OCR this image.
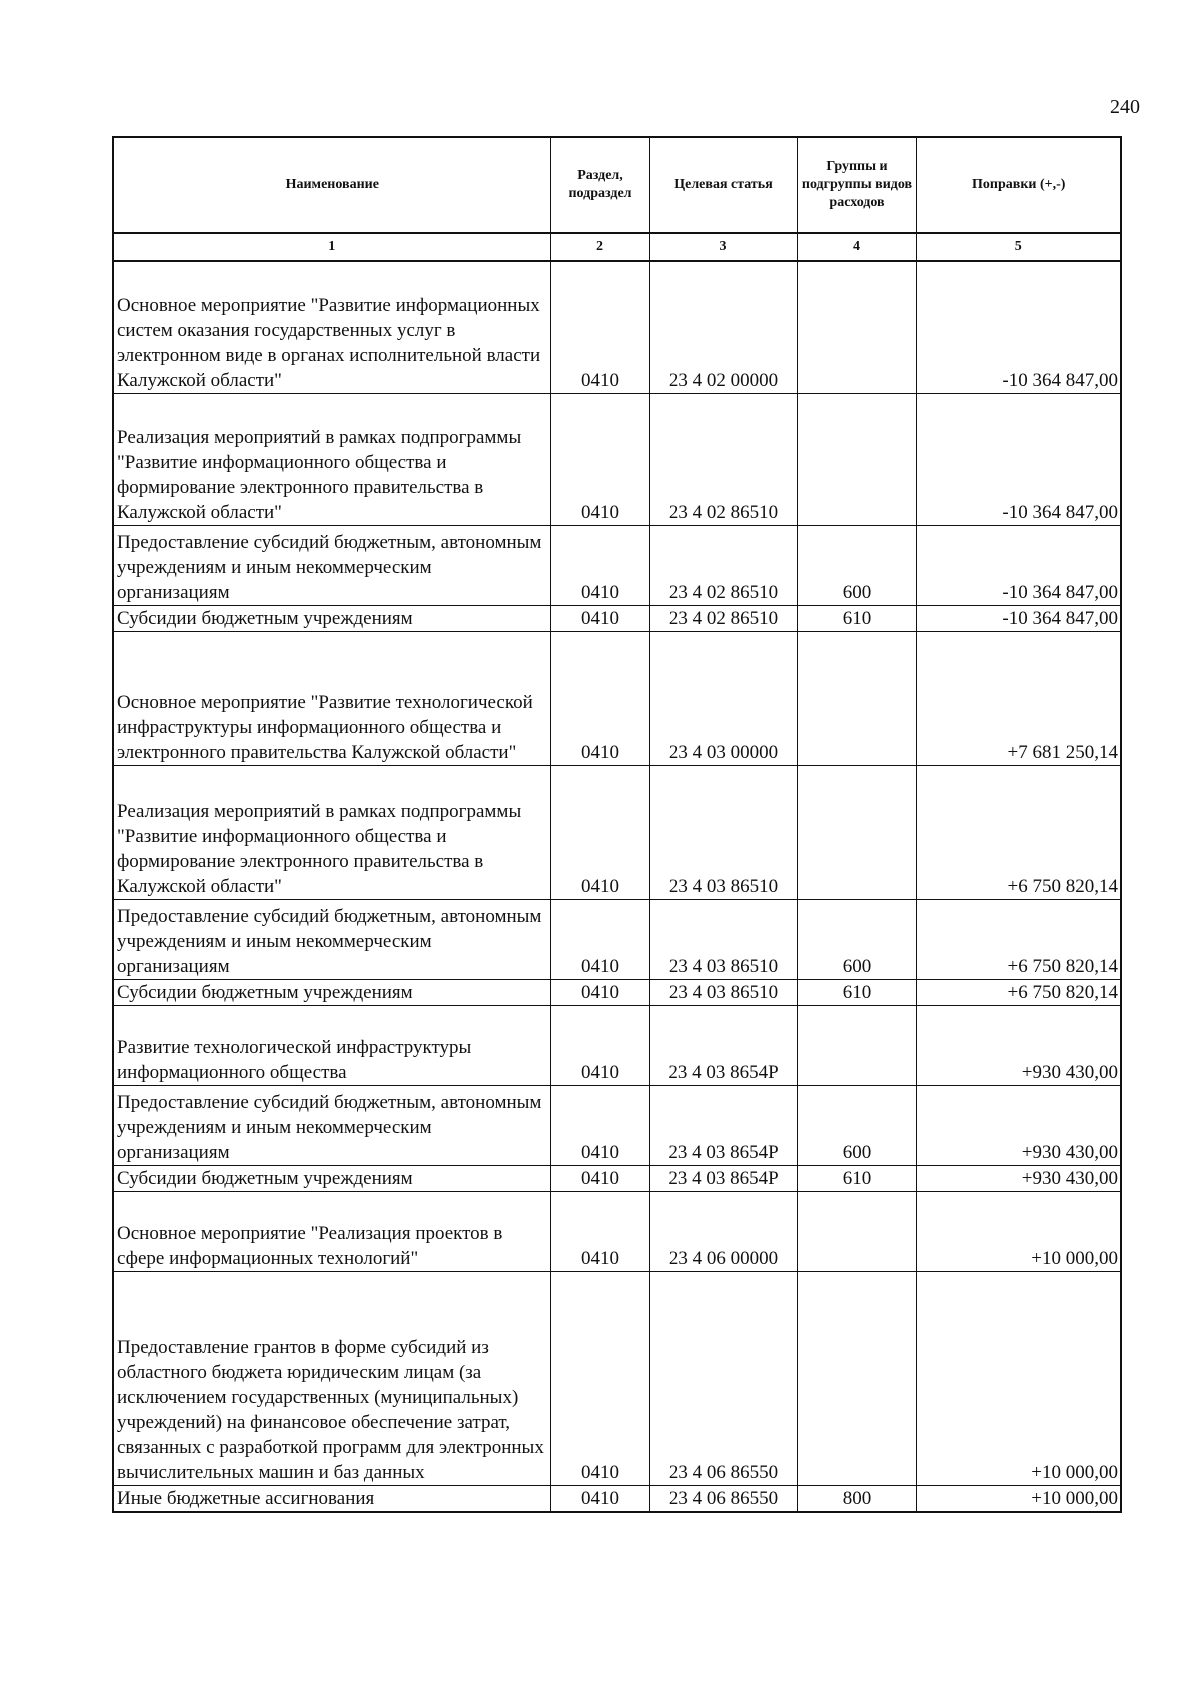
240
Наименование	Раздел, подраздел	Целевая статья	Группы и подгруппы видов расходов	Поправки (+,-)
1	2	3	4	5
Основное мероприятие "Развитие информационных систем оказания государственных услуг в электронном виде в органах исполнительной власти Калужской области"	0410	23 4 02 00000		-10 364 847,00
Реализация мероприятий в рамках подпрограммы "Развитие информационного общества и формирование электронного правительства в Калужской области"	0410	23 4 02 86510		-10 364 847,00
Предоставление субсидий бюджетным, автономным учреждениям и иным некоммерческим организациям	0410	23 4 02 86510	600	-10 364 847,00
Субсидии бюджетным учреждениям	0410	23 4 02 86510	610	-10 364 847,00
Основное мероприятие "Развитие технологической инфраструктуры информационного общества и электронного правительства Калужской области"	0410	23 4 03 00000		+7 681 250,14
Реализация мероприятий в рамках подпрограммы "Развитие информационного общества и формирование электронного правительства в Калужской области"	0410	23 4 03 86510		+6 750 820,14
Предоставление субсидий бюджетным, автономным учреждениям и иным некоммерческим организациям	0410	23 4 03 86510	600	+6 750 820,14
Субсидии бюджетным учреждениям	0410	23 4 03 86510	610	+6 750 820,14
Развитие технологической инфраструктуры информационного общества	0410	23 4 03 8654Р		+930 430,00
Предоставление субсидий бюджетным, автономным учреждениям и иным некоммерческим организациям	0410	23 4 03 8654Р	600	+930 430,00
Субсидии бюджетным учреждениям	0410	23 4 03 8654Р	610	+930 430,00
Основное мероприятие "Реализация проектов в сфере информационных технологий"	0410	23 4 06 00000		+10 000,00
Предоставление грантов в форме субсидий из областного бюджета юридическим лицам (за исключением государственных (муниципальных) учреждений) на финансовое обеспечение затрат, связанных с разработкой программ для электронных вычислительных машин и баз данных	0410	23 4 06 86550		+10 000,00
Иные бюджетные ассигнования	0410	23 4 06 86550	800	+10 000,00
